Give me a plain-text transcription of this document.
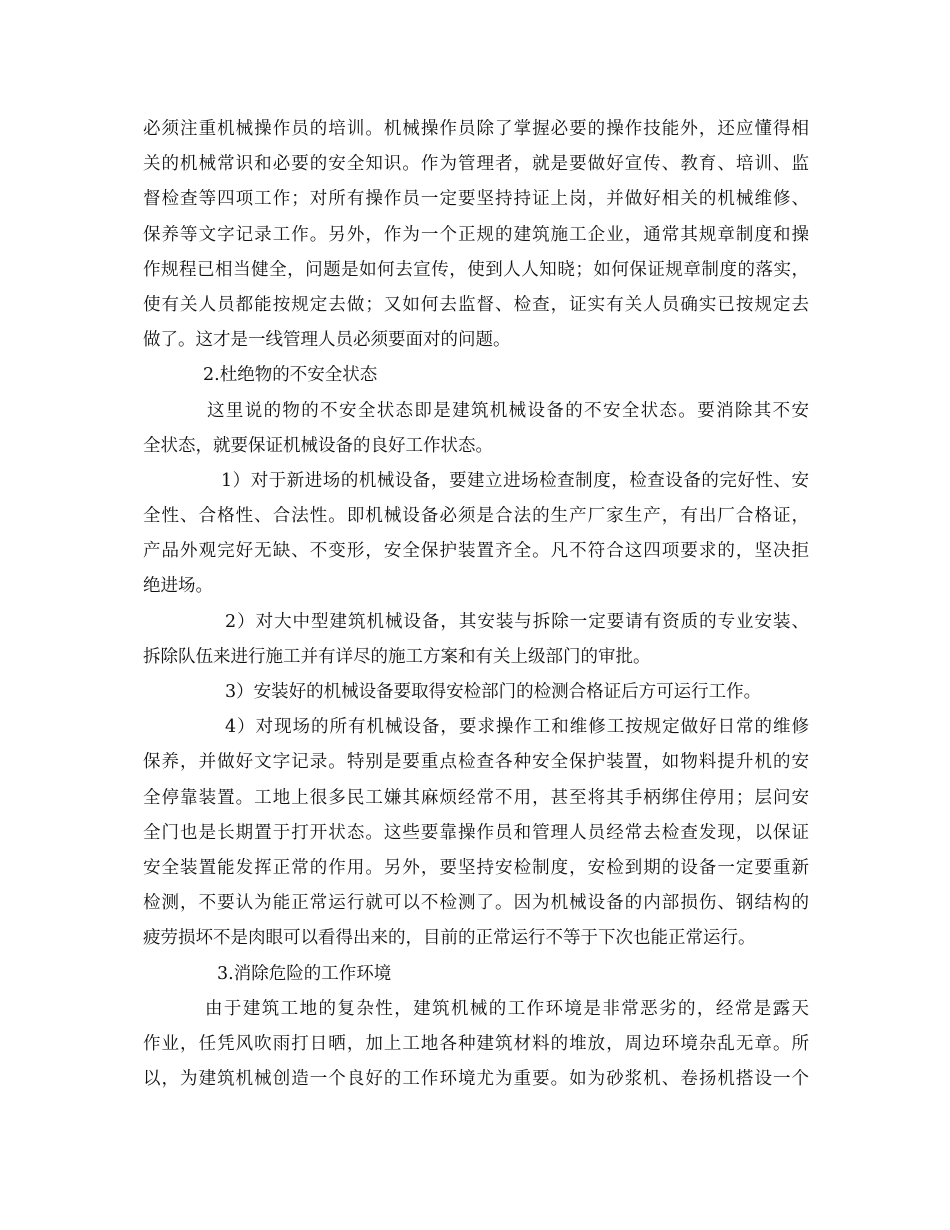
必须注重机械操作员的培训。机械操作员除了掌握必要的操作技能外，还应懂得相
关的机械常识和必要的安全知识。作为管理者，就是要做好宣传、教育、培训、监
督检查等四项工作；对所有操作员一定要坚持持证上岗，并做好相关的机械维修、
保养等文字记录工作。另外，作为一个正规的建筑施工企业，通常其规章制度和操
作规程已相当健全，问题是如何去宣传，使到人人知晓；如何保证规章制度的落实，
使有关人员都能按规定去做；又如何去监督、检查，证实有关人员确实已按规定去
做了。这才是一线管理人员必须要面对的问题。
2.杜绝物的不安全状态
这里说的物的不安全状态即是建筑机械设备的不安全状态。要消除其不安
全状态，就要保证机械设备的良好工作状态。
1）对于新进场的机械设备，要建立进场检查制度，检查设备的完好性、安
全性、合格性、合法性。即机械设备必须是合法的生产厂家生产，有出厂合格证，
产品外观完好无缺、不变形，安全保护装置齐全。凡不符合这四项要求的，坚决拒
绝进场。
2）对大中型建筑机械设备，其安装与拆除一定要请有资质的专业安装、
拆除队伍来进行施工并有详尽的施工方案和有关上级部门的审批。
3）安装好的机械设备要取得安检部门的检测合格证后方可运行工作。
4）对现场的所有机械设备，要求操作工和维修工按规定做好日常的维修
保养，并做好文字记录。特别是要重点检查各种安全保护装置，如物料提升机的安
全停靠装置。工地上很多民工嫌其麻烦经常不用，甚至将其手柄绑住停用；层问安
全门也是长期置于打开状态。这些要靠操作员和管理人员经常去检查发现，以保证
安全装置能发挥正常的作用。另外，要坚持安检制度，安检到期的设备一定要重新
检测，不要认为能正常运行就可以不检测了。因为机械设备的内部损伤、钢结构的
疲劳损坏不是肉眼可以看得出来的，目前的正常运行不等于下次也能正常运行。
3.消除危险的工作环境
由于建筑工地的复杂性，建筑机械的工作环境是非常恶劣的，经常是露天
作业，任凭风吹雨打日晒，加上工地各种建筑材料的堆放，周边环境杂乱无章。所
以，为建筑机械创造一个良好的工作环境尤为重要。如为砂浆机、卷扬机搭设一个
